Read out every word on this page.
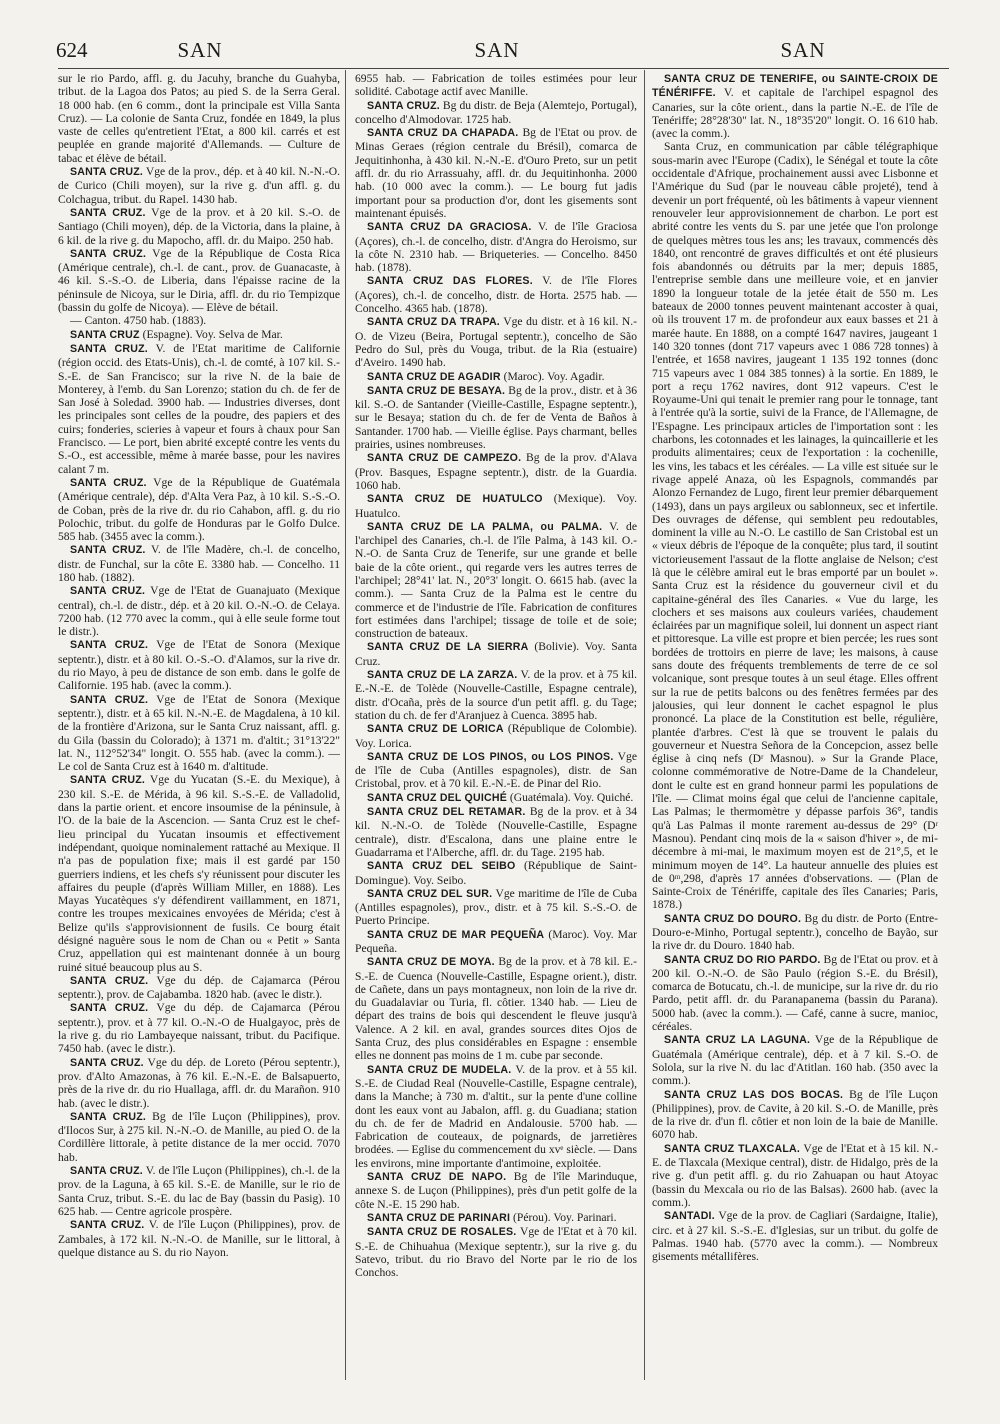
624	SAN	SAN	SAN

sur le rio Pardo, affl. g. du Jacuhy, branche du Guahyba, tribut. de la Lagoa dos Patos; au pied S. de la Serra Geral. 18 000 hab. (en 6 comm., dont la principale est Villa Santa Cruz). — La colonie de Santa Cruz, fondée en 1849, la plus vaste de celles qu'entretient l'Etat, a 800 kil. carrés et est peuplée en grande majorité d'Allemands. — Culture de tabac et élève de bétail.

SANTA CRUZ. Vge de la prov., dép. et à 40 kil. N.-N.-O. de Curico (Chili moyen), sur la rive g. d'un affl. g. du Colchagua, tribut. du Rapel. 1430 hab.

SANTA CRUZ. Vge de la prov. et à 20 kil. S.-O. de Santiago (Chili moyen), dép. de la Victoria, dans la plaine, à 6 kil. de la rive g. du Mapocho, affl. dr. du Maipo. 250 hab.

SANTA CRUZ. Vge de la République de Costa Rica (Amérique centrale), ch.-l. de cant., prov. de Guanacaste, à 46 kil. S.-S.-O. de Liberia, dans l'épaisse racine de la péninsule de Nicoya, sur le Diria, affl. dr. du rio Tempizque (bassin du golfe de Nicoya). — Elève de bétail.

— Canton. 4750 hab. (1883).

SANTA CRUZ (Espagne). Voy. Selva de Mar.

SANTA CRUZ. V. de l'Etat maritime de Californie (région occid. des Etats-Unis), ch.-l. de comté, à 107 kil. S.-S.-E. de San Francisco; sur la rive N. de la baie de Monterey, à l'emb. du San Lorenzo; station du ch. de fer de San José à Soledad. 3900 hab. — Industries diverses, dont les principales sont celles de la poudre, des papiers et des cuirs; fonderies, scieries à vapeur et fours à chaux pour San Francisco. — Le port, bien abrité excepté contre les vents du S.-O., est accessible, même à marée basse, pour les navires calant 7 m.

SANTA CRUZ. Vge de la République de Guatémala (Amérique centrale), dép. d'Alta Vera Paz, à 10 kil. S.-S.-O. de Coban, près de la rive dr. du rio Cahabon, affl. g. du rio Polochic, tribut. du golfe de Honduras par le Golfo Dulce. 585 hab. (3455 avec la comm.).

SANTA CRUZ. V. de l'île Madère, ch.-l. de concelho, distr. de Funchal, sur la côte E. 3380 hab. — Concelho. 11 180 hab. (1882).

SANTA CRUZ. Vge de l'Etat de Guanajuato (Mexique central), ch.-l. de distr., dép. et à 20 kil. O.-N.-O. de Celaya. 7200 hab. (12 770 avec la comm., qui à elle seule forme tout le distr.).

SANTA CRUZ. Vge de l'Etat de Sonora (Mexique septentr.), distr. et à 80 kil. O.-S.-O. d'Alamos, sur la rive dr. du rio Mayo, à peu de distance de son emb. dans le golfe de Californie. 195 hab. (avec la comm.).

SANTA CRUZ. Vge de l'Etat de Sonora (Mexique septentr.), distr. et à 65 kil. N.-N.-E. de Magdalena, à 10 kil. de la frontière d'Arizona, sur le Santa Cruz naissant, affl. g. du Gila (bassin du Colorado); à 1371 m. d'altit.; 31°13'22" lat. N., 112°52'34" longit. O. 555 hab. (avec la comm.). — Le col de Santa Cruz est à 1640 m. d'altitude.

SANTA CRUZ. Vge du Yucatan (S.-E. du Mexique), à 230 kil. S.-E. de Mérida, à 96 kil. S.-S.-E. de Valladolid, dans la partie orient. et encore insoumise de la péninsule, à l'O. de la baie de la Ascencion. — Santa Cruz est le chef-lieu principal du Yucatan insoumis et effectivement indépendant, quoique nominalement rattaché au Mexique. Il n'a pas de population fixe; mais il est gardé par 150 guerriers indiens, et les chefs s'y réunissent pour discuter les affaires du peuple (d'après William Miller, en 1888). Les Mayas Yucatèques s'y défendirent vaillamment, en 1871, contre les troupes mexicaines envoyées de Mérida; c'est à Belize qu'ils s'approvisionnent de fusils. Ce bourg était désigné naguère sous le nom de Chan ou « Petit » Santa Cruz, appellation qui est maintenant donnée à un bourg ruiné situé beaucoup plus au S.

SANTA CRUZ. Vge du dép. de Cajamarca (Pérou septentr.), prov. de Cajabamba. 1820 hab. (avec le distr.).

SANTA CRUZ. Vge du dép. de Cajamarca (Pérou septentr.), prov. et à 77 kil. O.-N.-O de Hualgayoc, près de la rive g. du rio Lambayeque naissant, tribut. du Pacifique. 7450 hab. (avec le distr.).

SANTA CRUZ. Vge du dép. de Loreto (Pérou septentr.), prov. d'Alto Amazonas, à 76 kil. E.-N.-E. de Balsapuerto, près de la rive dr. du rio Huallaga, affl. dr. du Marañon. 910 hab. (avec le distr.).

SANTA CRUZ. Bg de l'île Luçon (Philippines), prov. d'Ilocos Sur, à 275 kil. N.-N.-O. de Manille, au pied O. de la Cordillère littorale, à petite distance de la mer occid. 7070 hab.

SANTA CRUZ. V. de l'île Luçon (Philippines), ch.-l. de la prov. de la Laguna, à 65 kil. S.-E. de Manille, sur le rio de Santa Cruz, tribut. S.-E. du lac de Bay (bassin du Pasig). 10 625 hab. — Centre agricole prospère.

SANTA CRUZ. V. de l'île Luçon (Philippines), prov. de Zambales, à 172 kil. N.-N.-O. de Manille, sur le littoral, à quelque distance au S. du rio Nayon.

6955 hab. — Fabrication de toiles estimées pour leur solidité. Cabotage actif avec Manille.

SANTA CRUZ. Bg du distr. de Beja (Alemtejo, Portugal), concelho d'Almodovar. 1725 hab.

SANTA CRUZ DA CHAPADA. Bg de l'Etat ou prov. de Minas Geraes (région centrale du Brésil), comarca de Jequitinhonha, à 430 kil. N.-N.-E. d'Ouro Preto, sur un petit affl. dr. du rio Arrassuahy, affl. dr. du Jequitinhonha. 2000 hab. (10 000 avec la comm.). — Le bourg fut jadis important pour sa production d'or, dont les gisements sont maintenant épuisés.

SANTA CRUZ DA GRACIOSA. V. de l'île Graciosa (Açores), ch.-l. de concelho, distr. d'Angra do Heroismo, sur la côte N. 2310 hab. — Briqueteries. — Concelho. 8450 hab. (1878).

SANTA CRUZ DAS FLORES. V. de l'île Flores (Açores), ch.-l. de concelho, distr. de Horta. 2575 hab. — Concelho. 4365 hab. (1878).

SANTA CRUZ DA TRAPA. Vge du distr. et à 16 kil. N.-O. de Vizeu (Beira, Portugal septentr.), concelho de São Pedro do Sul, près du Vouga, tribut. de la Ria (estuaire) d'Aveiro. 1490 hab.

SANTA CRUZ DE AGADIR (Maroc). Voy. Agadir.

SANTA CRUZ DE BESAYA. Bg de la prov., distr. et à 36 kil. S.-O. de Santander (Vieille-Castille, Espagne septentr.), sur le Besaya; station du ch. de fer de Venta de Baños à Santander. 1700 hab. — Vieille église. Pays charmant, belles prairies, usines nombreuses.

SANTA CRUZ DE CAMPEZO. Bg de la prov. d'Alava (Prov. Basques, Espagne septentr.), distr. de la Guardia. 1060 hab.

SANTA CRUZ DE HUATULCO (Mexique). Voy. Huatulco.

SANTA CRUZ DE LA PALMA, ou PALMA. V. de l'archipel des Canaries, ch.-l. de l'île Palma, à 143 kil. O.-N.-O. de Santa Cruz de Tenerife, sur une grande et belle baie de la côte orient., qui regarde vers les autres terres de l'archipel; 28°41' lat. N., 20°3' longit. O. 6615 hab. (avec la comm.). — Santa Cruz de la Palma est le centre du commerce et de l'industrie de l'île. Fabrication de confitures fort estimées dans l'archipel; tissage de toile et de soie; construction de bateaux.

SANTA CRUZ DE LA SIERRA (Bolivie). Voy. Santa Cruz.

SANTA CRUZ DE LA ZARZA. V. de la prov. et à 75 kil. E.-N.-E. de Tolède (Nouvelle-Castille, Espagne centrale), distr. d'Ocaña, près de la source d'un petit affl. g. du Tage; station du ch. de fer d'Aranjuez à Cuenca. 3895 hab.

SANTA CRUZ DE LORICA (République de Colombie). Voy. Lorica.

SANTA CRUZ DE LOS PINOS, ou LOS PINOS. Vge de l'île de Cuba (Antilles espagnoles), distr. de San Cristobal, prov. et à 70 kil. E.-N.-E. de Pinar del Rio.

SANTA CRUZ DEL QUICHÉ (Guatémala). Voy. Quiché.

SANTA CRUZ DEL RETAMAR. Bg de la prov. et à 34 kil. N.-N.-O. de Tolède (Nouvelle-Castille, Espagne centrale), distr. d'Escalona, dans une plaine entre le Guadarrama et l'Alberche, affl. dr. du Tage. 2195 hab.

SANTA CRUZ DEL SEIBO (République de Saint-Domingue). Voy. Seibo.

SANTA CRUZ DEL SUR. Vge maritime de l'île de Cuba (Antilles espagnoles), prov., distr. et à 75 kil. S.-S.-O. de Puerto Principe.

SANTA CRUZ DE MAR PEQUEÑA (Maroc). Voy. Mar Pequeña.

SANTA CRUZ DE MOYA. Bg de la prov. et à 78 kil. E.-S.-E. de Cuenca (Nouvelle-Castille, Espagne orient.), distr. de Cañete, dans un pays montagneux, non loin de la rive dr. du Guadalaviar ou Turia, fl. côtier. 1340 hab. — Lieu de départ des trains de bois qui descendent le fleuve jusqu'à Valence. A 2 kil. en aval, grandes sources dites Ojos de Santa Cruz, des plus considérables en Espagne : ensemble elles ne donnent pas moins de 1 m. cube par seconde.

SANTA CRUZ DE MUDELA. V. de la prov. et à 55 kil. S.-E. de Ciudad Real (Nouvelle-Castille, Espagne centrale), dans la Manche; à 730 m. d'altit., sur la pente d'une colline dont les eaux vont au Jabalon, affl. g. du Guadiana; station du ch. de fer de Madrid en Andalousie. 5700 hab. — Fabrication de couteaux, de poignards, de jarretières brodées. — Eglise du commencement du xvᵉ siècle. — Dans les environs, mine importante d'antimoine, exploitée.

SANTA CRUZ DE NAPO. Bg de l'île Marinduque, annexe S. de Luçon (Philippines), près d'un petit golfe de la côte N.-E. 15 290 hab.

SANTA CRUZ DE PARINARI (Pérou). Voy. Parinari.

SANTA CRUZ DE ROSALES. Vge de l'Etat et à 70 kil. S.-E. de Chihuahua (Mexique septentr.), sur la rive g. du Satevo, tribut. du rio Bravo del Norte par le rio de los Conchos.

SANTA CRUZ DE TENERIFE, ou SAINTE-CROIX DE TÉNÉRIFFE. V. et capitale de l'archipel espagnol des Canaries, sur la côte orient., dans la partie N.-E. de l'île de Tenériffe; 28°28'30" lat. N., 18°35'20" longit. O. 16 610 hab. (avec la comm.).

Santa Cruz, en communication par câble télégraphique sous-marin avec l'Europe (Cadix), le Sénégal et toute la côte occidentale d'Afrique, prochainement aussi avec Lisbonne et l'Amérique du Sud (par le nouveau câble projeté), tend à devenir un port fréquenté, où les bâtiments à vapeur viennent renouveler leur approvisionnement de charbon. Le port est abrité contre les vents du S. par une jetée que l'on prolonge de quelques mètres tous les ans; les travaux, commencés dès 1840, ont rencontré de graves difficultés et ont été plusieurs fois abandonnés ou détruits par la mer; depuis 1885, l'entreprise semble dans une meilleure voie, et en janvier 1890 la longueur totale de la jetée était de 550 m. Les bateaux de 2000 tonnes peuvent maintenant accoster à quai, où ils trouvent 17 m. de profondeur aux eaux basses et 21 à marée haute. En 1888, on a compté 1647 navires, jaugeant 1 140 320 tonnes (dont 717 vapeurs avec 1 086 728 tonnes) à l'entrée, et 1658 navires, jaugeant 1 135 192 tonnes (donc 715 vapeurs avec 1 084 385 tonnes) à la sortie. En 1889, le port a reçu 1762 navires, dont 912 vapeurs. C'est le Royaume-Uni qui tenait le premier rang pour le tonnage, tant à l'entrée qu'à la sortie, suivi de la France, de l'Allemagne, de l'Espagne. Les principaux articles de l'importation sont : les charbons, les cotonnades et les lainages, la quincaillerie et les produits alimentaires; ceux de l'exportation : la cochenille, les vins, les tabacs et les céréales. — La ville est située sur le rivage appelé Anaza, où les Espagnols, commandés par Alonzo Fernandez de Lugo, firent leur premier débarquement (1493), dans un pays argileux ou sablonneux, sec et infertile. Des ouvrages de défense, qui semblent peu redoutables, dominent la ville au N.-O. Le castillo de San Cristobal est un « vieux débris de l'époque de la conquête; plus tard, il soutint victorieusement l'assaut de la flotte anglaise de Nelson; c'est là que le célèbre amiral eut le bras emporté par un boulet ». Santa Cruz est la résidence du gouverneur civil et du capitaine-général des îles Canaries. « Vue du large, les clochers et ses maisons aux couleurs variées, chaudement éclairées par un magnifique soleil, lui donnent un aspect riant et pittoresque. La ville est propre et bien percée; les rues sont bordées de trottoirs en pierre de lave; les maisons, à cause sans doute des fréquents tremblements de terre de ce sol volcanique, sont presque toutes à un seul étage. Elles offrent sur la rue de petits balcons ou des fenêtres fermées par des jalousies, qui leur donnent le cachet espagnol le plus prononcé. La place de la Constitution est belle, régulière, plantée d'arbres. C'est là que se trouvent le palais du gouverneur et Nuestra Señora de la Concepcion, assez belle église à cinq nefs (Dʳ Masnou). » Sur la Grande Place, colonne commémorative de Notre-Dame de la Chandeleur, dont le culte est en grand honneur parmi les populations de l'île. — Climat moins égal que celui de l'ancienne capitale, Las Palmas; le thermomètre y dépasse parfois 36°, tandis qu'à Las Palmas il monte rarement au-dessus de 29° (Dʳ Masnou). Pendant cinq mois de la « saison d'hiver », de mi-décembre à mi-mai, le maximum moyen est de 21°,5, et le minimum moyen de 14°. La hauteur annuelle des pluies est de 0ᵐ,298, d'après 17 années d'observations. — (Plan de Sainte-Croix de Ténériffe, capitale des îles Canaries; Paris, 1878.)

SANTA CRUZ DO DOURO. Bg du distr. de Porto (Entre-Douro-e-Minho, Portugal septentr.), concelho de Bayão, sur la rive dr. du Douro. 1840 hab.

SANTA CRUZ DO RIO PARDO. Bg de l'Etat ou prov. et à 200 kil. O.-N.-O. de São Paulo (région S.-E. du Brésil), comarca de Botucatu, ch.-l. de municipe, sur la rive dr. du rio Pardo, petit affl. dr. du Paranapanema (bassin du Parana). 5000 hab. (avec la comm.). — Café, canne à sucre, manioc, céréales.

SANTA CRUZ LA LAGUNA. Vge de la République de Guatémala (Amérique centrale), dép. et à 7 kil. S.-O. de Solola, sur la rive N. du lac d'Atitlan. 160 hab. (350 avec la comm.).

SANTA CRUZ LAS DOS BOCAS. Bg de l'île Luçon (Philippines), prov. de Cavite, à 20 kil. S.-O. de Manille, près de la rive dr. d'un fl. côtier et non loin de la baie de Manille. 6070 hab.

SANTA CRUZ TLAXCALA. Vge de l'Etat et à 15 kil. N.-E. de Tlaxcala (Mexique central), distr. de Hidalgo, près de la rive g. d'un petit affl. g. du rio Zahuapan ou haut Atoyac (bassin du Mexcala ou rio de las Balsas). 2600 hab. (avec la comm.).

SANTADI. Vge de la prov. de Cagliari (Sardaigne, Italie), circ. et à 27 kil. S.-S.-E. d'Iglesias, sur un tribut. du golfe de Palmas. 1940 hab. (5770 avec la comm.). — Nombreux gisements métallifères.
